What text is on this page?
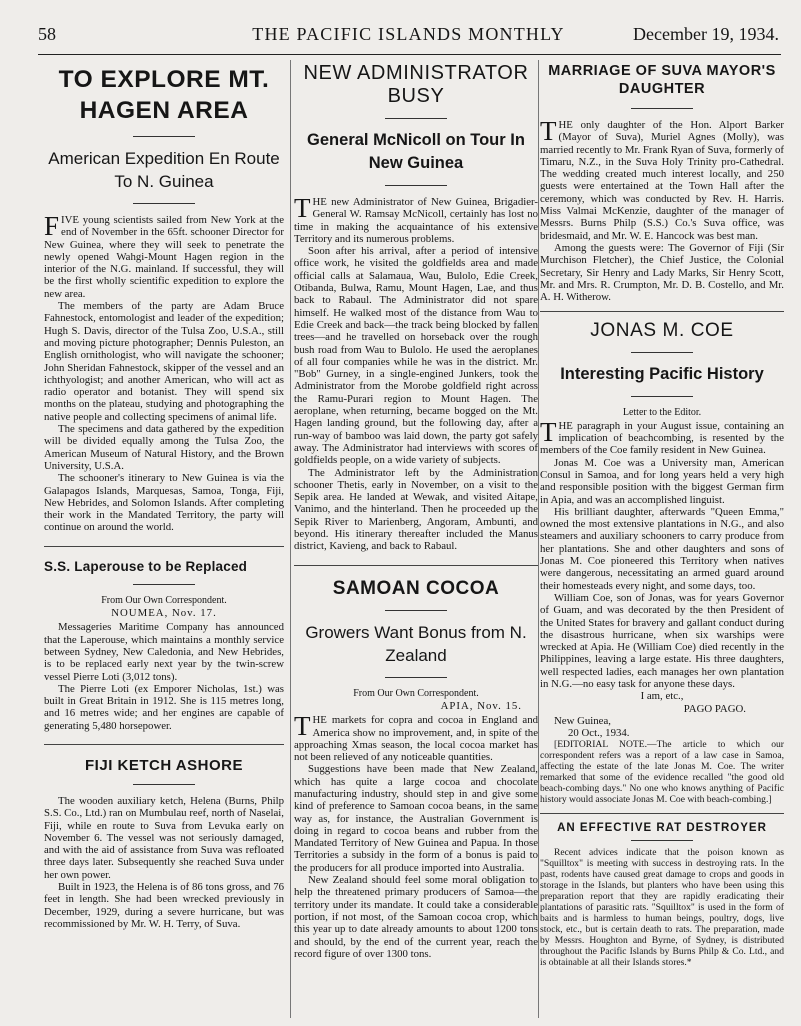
58	THE PACIFIC ISLANDS MONTHLY	December 19, 1934.
TO EXPLORE MT. HAGEN AREA
American Expedition En Route To N. Guinea

FIVE young scientists sailed from New York at the end of November in the 65ft. schooner Director for New Guinea, where they will seek to penetrate the newly opened Wahgi-Mount Hagen region in the interior of the N.G. mainland. If successful, they will be the first wholly scientific expedition to explore the new area.

The members of the party are Adam Bruce Fahnestock, entomologist and leader of the expedition; Hugh S. Davis, director of the Tulsa Zoo, U.S.A., still and moving picture photographer; Dennis Puleston, an English ornithologist, who will navigate the schooner; John Sheridan Fahnestock, skipper of the vessel and an ichthyologist; and another American, who will act as radio operator and botanist. They will spend six months on the plateau, studying and photographing the native people and collecting specimens of animal life.

The specimens and data gathered by the expedition will be divided equally among the Tulsa Zoo, the American Museum of Natural History, and the Brown University, U.S.A.

The schooner's itinerary to New Guinea is via the Galapagos Islands, Marquesas, Samoa, Tonga, Fiji, New Hebrides, and Solomon Islands. After completing their work in the Mandated Territory, the party will continue on around the world.

S.S. Laperouse to be Replaced

From Our Own Correspondent.

NOUMEA, Nov. 17.

Messageries Maritime Company has announced that the Laperouse, which maintains a monthly service between Sydney, New Caledonia, and New Hebrides, is to be replaced early next year by the twin-screw vessel Pierre Loti (3,012 tons).

The Pierre Loti (ex Emporer Nicholas, 1st.) was built in Great Britain in 1912. She is 115 metres long, and 16 metres wide; and her engines are capable of generating 5,480 horsepower.

FIJI KETCH ASHORE

The wooden auxiliary ketch, Helena (Burns, Philp S.S. Co., Ltd.) ran on Mumbulau reef, north of Naselai, Fiji, while en route to Suva from Levuka early on November 6. The vessel was not seriously damaged, and with the aid of assistance from Suva was refloated three days later. Subsequently she reached Suva under her own power.

Built in 1923, the Helena is of 86 tons gross, and 76 feet in length. She had been wrecked previously in December, 1929, during a severe hurricane, but was recommissioned by Mr. W. H. Terry, of Suva.

NEW ADMINISTRATOR BUSY
General McNicoll on Tour In New Guinea

THE new Administrator of New Guinea, Brigadier-General W. Ramsay McNicoll, certainly has lost no time in making the acquaintance of his extensive Territory and its numerous problems.

Soon after his arrival, after a period of intensive office work, he visited the goldfields area and made official calls at Salamaua, Wau, Bulolo, Edie Creek, Otibanda, Bulwa, Ramu, Mount Hagen, Lae, and thus back to Rabaul. The Administrator did not spare himself. He walked most of the distance from Wau to Edie Creek and back—the track being blocked by fallen trees—and he travelled on horseback over the rough bush road from Wau to Bulolo. He used the aeroplanes of all four companies while he was in the district. Mr. "Bob" Gurney, in a single-engined Junkers, took the Administrator from the Morobe goldfield right across the Ramu-Purari region to Mount Hagen. The aeroplane, when returning, became bogged on the Mt. Hagen landing ground, but the following day, after a run-way of bamboo was laid down, the party got safely away. The Administrator had interviews with scores of goldfields people, on a wide variety of subjects.

The Administrator left by the Administration schooner Thetis, early in November, on a visit to the Sepik area. He landed at Wewak, and visited Aitape, Vanimo, and the hinterland. Then he proceeded up the Sepik River to Marienberg, Angoram, Ambunti, and beyond. His itinerary thereafter included the Manus district, Kavieng, and back to Rabaul.

SAMOAN COCOA
Growers Want Bonus from N. Zealand

From Our Own Correspondent.

APIA, Nov. 15.

THE markets for copra and cocoa in England and America show no improvement, and, in spite of the approaching Xmas season, the local cocoa market has not been relieved of any noticeable quantities.

Suggestions have been made that New Zealand, which has quite a large cocoa and chocolate manufacturing industry, should step in and give some kind of preference to Samoan cocoa beans, in the same way as, for instance, the Australian Government is doing in regard to cocoa beans and rubber from the Mandated Territory of New Guinea and Papua. In those Territories a subsidy in the form of a bonus is paid to the producers for all produce imported into Australia.

New Zealand should feel some moral obligation to help the threatened primary producers of Samoa—the territory under its mandate. It could take a considerable portion, if not most, of the Samoan cocoa crop, which this year up to date already amounts to about 1200 tons and should, by the end of the current year, reach the record figure of over 1300 tons.

MARRIAGE OF SUVA MAYOR'S DAUGHTER

THE only daughter of the Hon. Alport Barker (Mayor of Suva), Muriel Agnes (Molly), was married recently to Mr. Frank Ryan of Suva, formerly of Timaru, N.Z., in the Suva Holy Trinity pro-Cathedral. The wedding created much interest locally, and 250 guests were entertained at the Town Hall after the ceremony, which was conducted by Rev. H. Harris. Miss Valmai McKenzie, daughter of the manager of Messrs. Burns Philp (S.S.) Co.'s Suva office, was bridesmaid, and Mr. W. E. Hancock was best man.

Among the guests were: The Governor of Fiji (Sir Murchison Fletcher), the Chief Justice, the Colonial Secretary, Sir Henry and Lady Marks, Sir Henry Scott, Mr. and Mrs. R. Crumpton, Mr. D. B. Costello, and Mr. A. H. Witherow.

JONAS M. COE
Interesting Pacific History

Letter to the Editor.

THE paragraph in your August issue, containing an implication of beachcombing, is resented by the members of the Coe family resident in New Guinea.

Jonas M. Coe was a University man, American Consul in Samoa, and for long years held a very high and responsible position with the biggest German firm in Apia, and was an accomplished linguist.

His brilliant daughter, afterwards "Queen Emma," owned the most extensive plantations in N.G., and also steamers and auxiliary schooners to carry produce from her plantations. She and other daughters and sons of Jonas M. Coe pioneered this Territory when natives were dangerous, necessitating an armed guard around their homesteads every night, and some days, too.

William Coe, son of Jonas, was for years Governor of Guam, and was decorated by the then President of the United States for bravery and gallant conduct during the disastrous hurricane, when six warships were wrecked at Apia. He (William Coe) died recently in the Philippines, leaving a large estate. His three daughters, well respected ladies, each manages her own plantation in N.G.—no easy task for anyone these days.

I am, etc.,

PAGO PAGO.

New Guinea,

20 Oct., 1934.

[EDITORIAL NOTE.—The article to which our correspondent refers was a report of a law case in Samoa, affecting the estate of the late Jonas M. Coe. The writer remarked that some of the evidence recalled "the good old beach-combing days." No one who knows anything of Pacific history would associate Jonas M. Coe with beach-combing.]

AN EFFECTIVE RAT DESTROYER

Recent advices indicate that the poison known as "Squilltox" is meeting with success in destroying rats. In the past, rodents have caused great damage to crops and goods in storage in the Islands, but planters who have been using this preparation report that they are rapidly eradicating their plantations of parasitic rats. "Squilltox" is used in the form of baits and is harmless to human beings, poultry, dogs, live stock, etc., but is certain death to rats. The preparation, made by Messrs. Houghton and Byrne, of Sydney, is distributed throughout the Pacific Islands by Burns Philp & Co. Ltd., and is obtainable at all their Islands stores.*
